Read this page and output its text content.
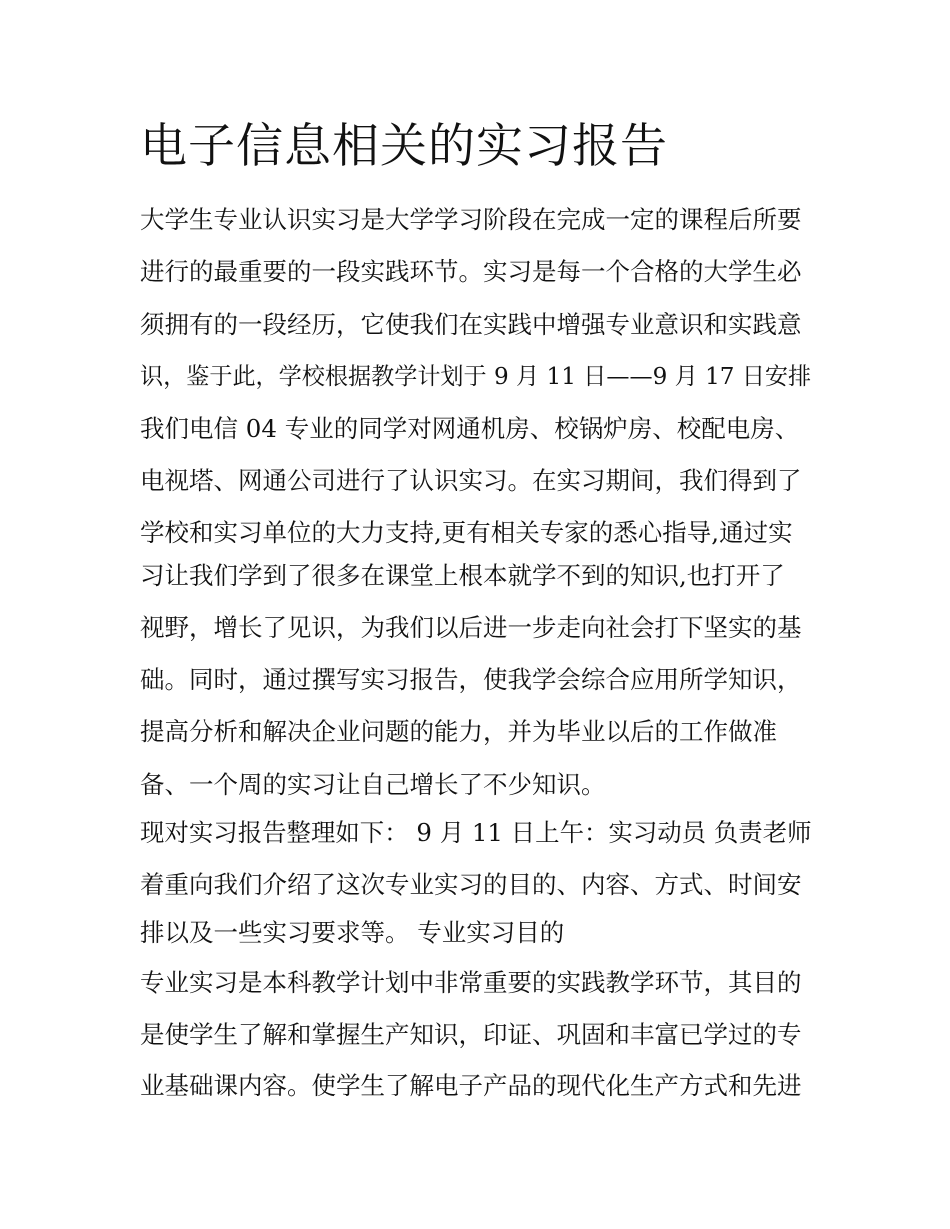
电子信息相关的实习报告

大学生专业认识实习是大学学习阶段在完成一定的课程后所要

进行的最重要的一段实践环节。实习是每一个合格的大学生必

须拥有的一段经历，它使我们在实践中增强专业意识和实践意

识，鉴于此，学校根据教学计划于 9 月 11 日——9 月 17 日安排

我们电信 04 专业的同学对网通机房、校锅炉房、校配电房、

电视塔、网通公司进行了认识实习。在实习期间，我们得到了

学校和实习单位的大力支持,更有相关专家的悉心指导,通过实

习让我们学到了很多在课堂上根本就学不到的知识,也打开了

视野，增长了见识，为我们以后进一步走向社会打下坚实的基

础。同时，通过撰写实习报告，使我学会综合应用所学知识，

提高分析和解决企业问题的能力，并为毕业以后的工作做准

备、一个周的实习让自己增长了不少知识。

现对实习报告整理如下： 9 月 11 日上午：实习动员 负责老师

着重向我们介绍了这次专业实习的目的、内容、方式、时间安

排以及一些实习要求等。 专业实习目的

专业实习是本科教学计划中非常重要的实践教学环节，其目的

是使学生了解和掌握生产知识，印证、巩固和丰富已学过的专

业基础课内容。使学生了解电子产品的现代化生产方式和先进
